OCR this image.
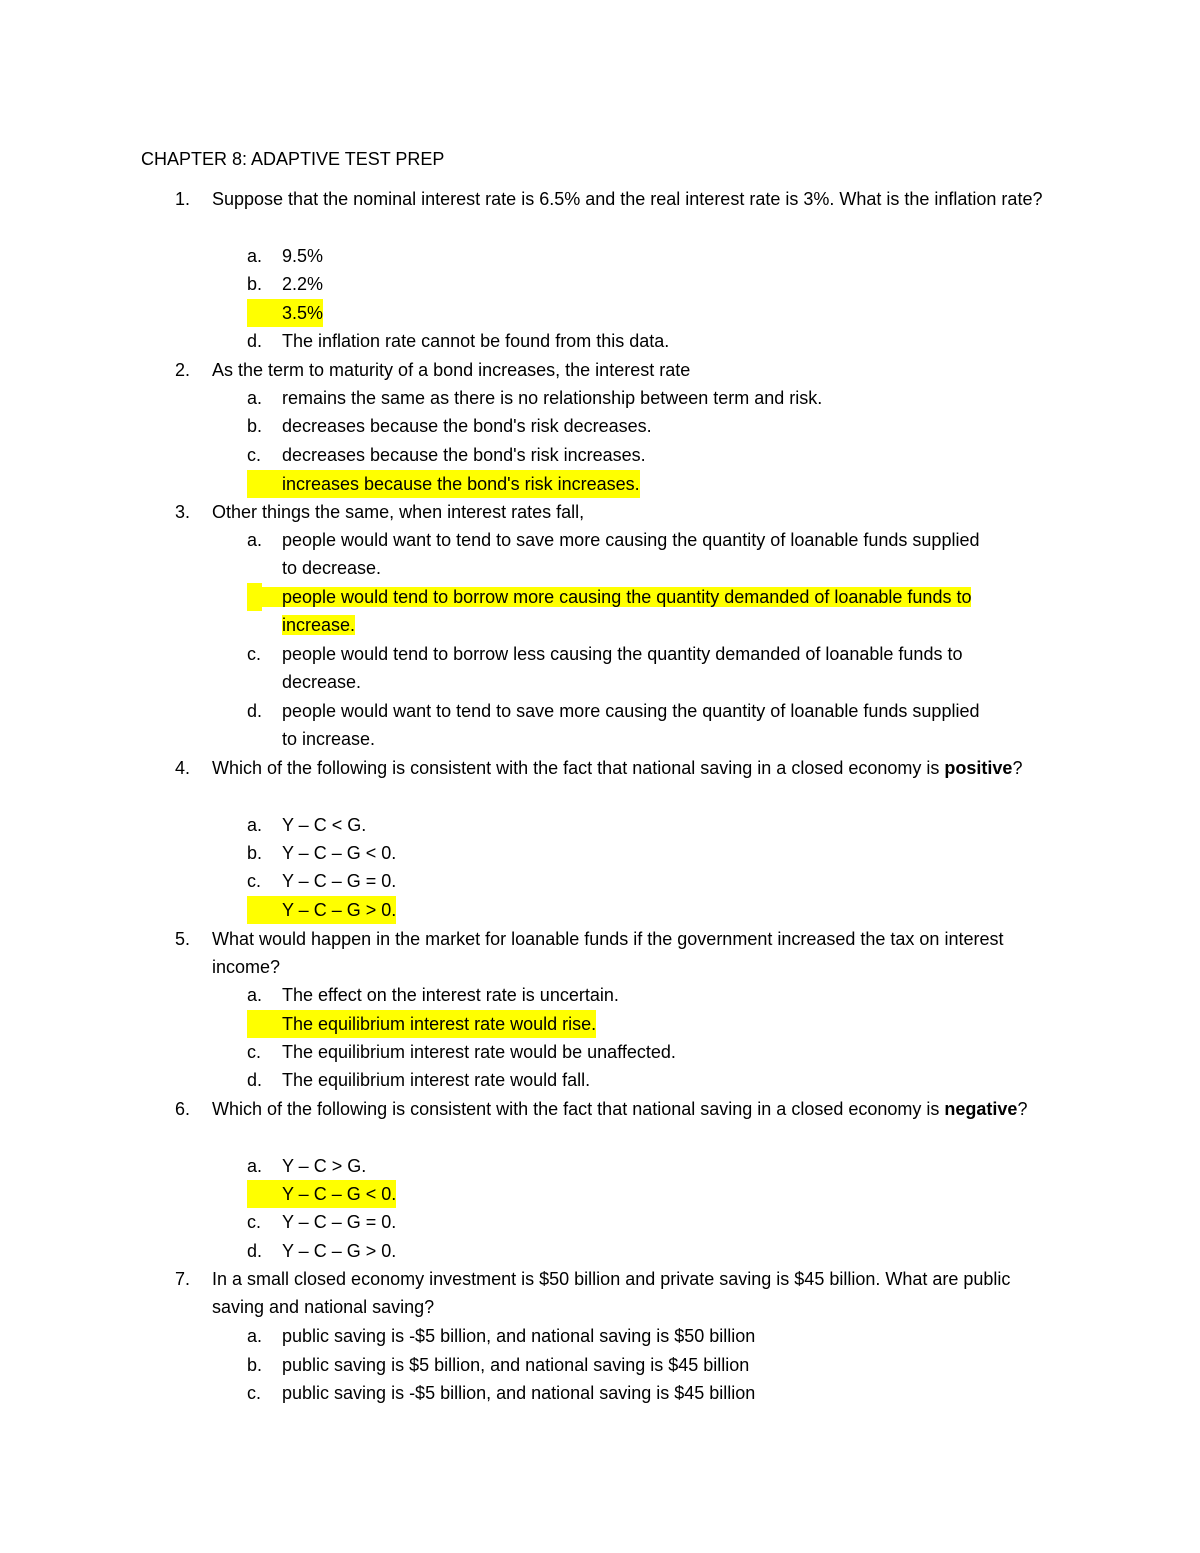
CHAPTER 8: ADAPTIVE TEST PREP
1. Suppose that the nominal interest rate is 6.5% and the real interest rate is 3%. What is the inflation rate?

a. 9.5%
b. 2.2%
3.5%
d. The inflation rate cannot be found from this data.
2. As the term to maturity of a bond increases, the interest rate

a. remains the same as there is no relationship between term and risk.
b. decreases because the bond's risk decreases.
c. decreases because the bond's risk increases.
increases because the bond's risk increases.
3. Other things the same, when interest rates fall,

a. people would want to tend to save more causing the quantity of loanable funds supplied
to decrease.
people would tend to borrow more causing the quantity demanded of loanable funds to
increase.
c. people would tend to borrow less causing the quantity demanded of loanable funds to
decrease.
d. people would want to tend to save more causing the quantity of loanable funds supplied
to increase.
4. Which of the following is consistent with the fact that national saving in a closed economy is positive?

a. Y – C < G.
b. Y – C – G < 0.
c. Y – C – G = 0.
Y – C – G > 0.
5. What would happen in the market for loanable funds if the government increased the tax on interest income?

a. The effect on the interest rate is uncertain.
The equilibrium interest rate would rise.
c. The equilibrium interest rate would be unaffected.
d. The equilibrium interest rate would fall.
6. Which of the following is consistent with the fact that national saving in a closed economy is negative?

a. Y – C > G.
Y – C – G < 0.
c. Y – C – G = 0.
d. Y – C – G > 0.
7. In a small closed economy investment is $50 billion and private saving is $45 billion. What are public saving and national saving?

a. public saving is -$5 billion, and national saving is $50 billion
b. public saving is $5 billion, and national saving is $45 billion
c. public saving is -$5 billion, and national saving is $45 billion
